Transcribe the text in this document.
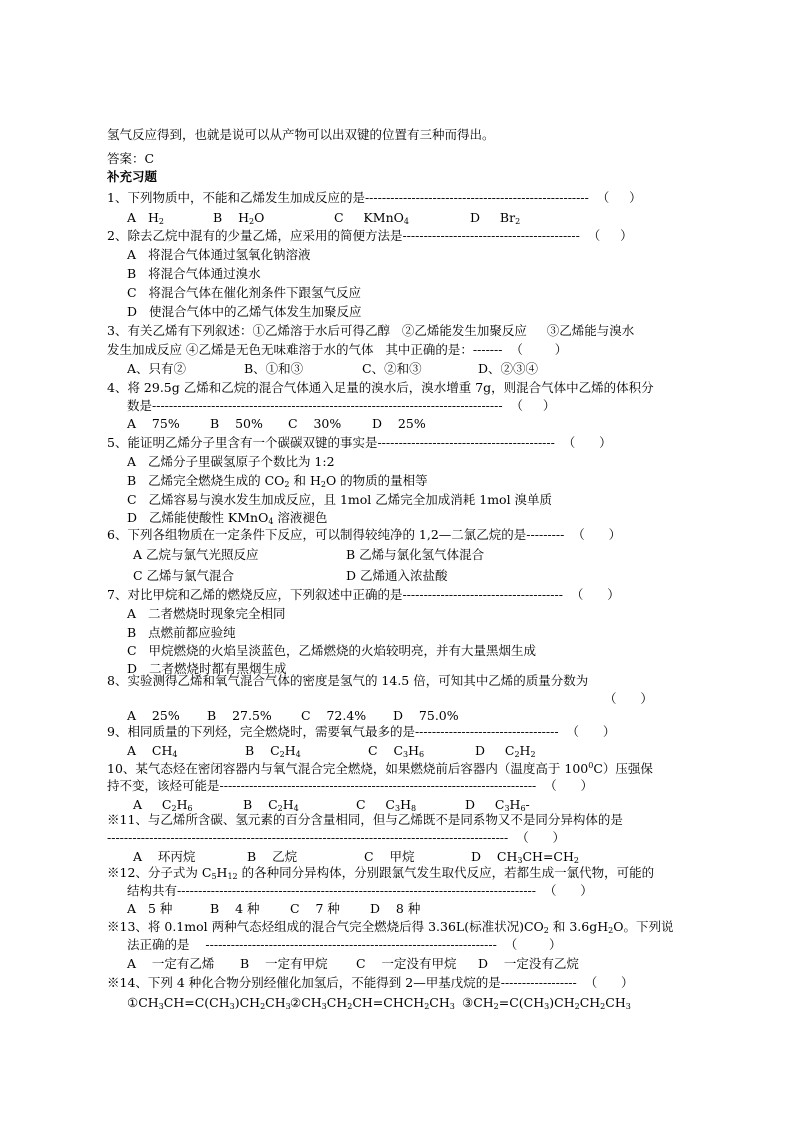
氢气反应得到，也就是说可以从产物可以出双键的位置有三种而得出。
答案：C
补充习题
1、下列物质中，不能和乙烯发生加成反应的是-----------------------------------------------------  （     ）
A   $H_2$	B    $H_2O$	C     KMnO$_4$	D     $Br_2$
2、除去乙烷中混有的少量乙烯，应采用的简便方法是------------------------------------------  （     ）
A   将混合气体通过氢氧化钠溶液
B   将混合气体通过溴水
C   将混合气体在催化剂条件下跟氢气反应
D   使混合气体中的乙烯气体发生加聚反应
3、有关乙烯有下列叙述：①乙烯溶于水后可得乙醇   ②乙烯能发生加聚反应     ③乙烯能与溴水
发生加成反应 ④乙烯是无色无味难溶于水的气体   其中正确的是：-------  （        ）
A、只有②	B、①和③	C、②和③	D、②③④
4、将 29.5g 乙烯和乙烷的混合气体通入足量的溴水后，溴水增重 7g，则混合气体中乙烯的体积分
数是-----------------------------------------------------------------------------------  （     ）
A    75% B    50% C    30% D    25%
5、能证明乙烯分子里含有一个碳碳双键的事实是------------------------------------------  （      ）
A   乙烯分子里碳氢原子个数比为 1:2
B   乙烯完全燃烧生成的 $CO_2$ 和 $H_2O$ 的物质的量相等
C   乙烯容易与溴水发生加成反应，且 1mol 乙烯完全加成消耗 1mol 溴单质
D   乙烯能使酸性 KMnO$_4$ 溶液褪色
6、下列各组物质在一定条件下反应，可以制得较纯净的 1,2—二氯乙烷的是---------  （      ）
A 乙烷与氯气光照反应	B 乙烯与氯化氢气体混合
C 乙烯与氯气混合	D 乙烯通入浓盐酸
7、对比甲烷和乙烯的燃烧反应，下列叙述中正确的是--------------------------------------  （      ）
A   二者燃烧时现象完全相同
B   点燃前都应验纯
C   甲烷燃烧的火焰呈淡蓝色，乙烯燃烧的火焰较明亮，并有大量黑烟生成
D   二者燃烧时都有黑烟生成
8、实验测得乙烯和氧气混合气体的密度是氢气的 14.5 倍，可知其中乙烯的质量分数为
（      ）
A    25% B    27.5% C    72.4% D    75.0%
9、相同质量的下列烃，完全燃烧时，需要氧气最多的是----------------------------------  （      ）
A    $CH_4$	B    $C_2H_4$	C    $C_3H_6$	D     $C_2H_2$
10、某气态烃在密闭容器内与氧气混合完全燃烧，如果燃烧前后容器内（温度高于 $100^0C$）压强保
持不变，该烃可能是---------------------------------------------------------------------------  （      ）
A     $C_2H_6$	B    $C_2H_4$	C     $C_3H_8$	D     $C_3H_6-$
※11、与乙烯所含碳、氢元素的百分含量相同，但与乙烯既不是同系物又不是同分异构体的是
-----------------------------------------------------------------------------------------------  （      ）
A    环丙烷	B    乙烷	C    甲烷	D    $CH_3CH=CH_2$
※12、分子式为 $C_5H_{12}$ 的各种同分异构体，分别跟氯气发生取代反应，若都生成一氯代物，可能的
结构共有-------------------------------------------------------------------------------------  （      ）
A   5 种	B    4 种 C    7 种 D    8 种
※13、将 0.1mol 两种气态烃组成的混合气完全燃烧后得 3.36L(标准状况)$CO_2$ 和 $3.6gH_2O$。下列说
法正确的是    ---------------------------------------------------------------------  （        ）
A    一定有乙烯 B    一定有甲烷 C    一定没有甲烷 D    一定没有乙烷
※14、下列 4 种化合物分别经催化加氢后，不能得到 2—甲基戊烷的是------------------  （      ）
$①CH_3CH=C(CH_3)CH_2CH_3$ $②CH_3CH_2CH=CHCH_2CH_3$ $③CH_2=C(CH_3)CH_2CH_2CH_3$
